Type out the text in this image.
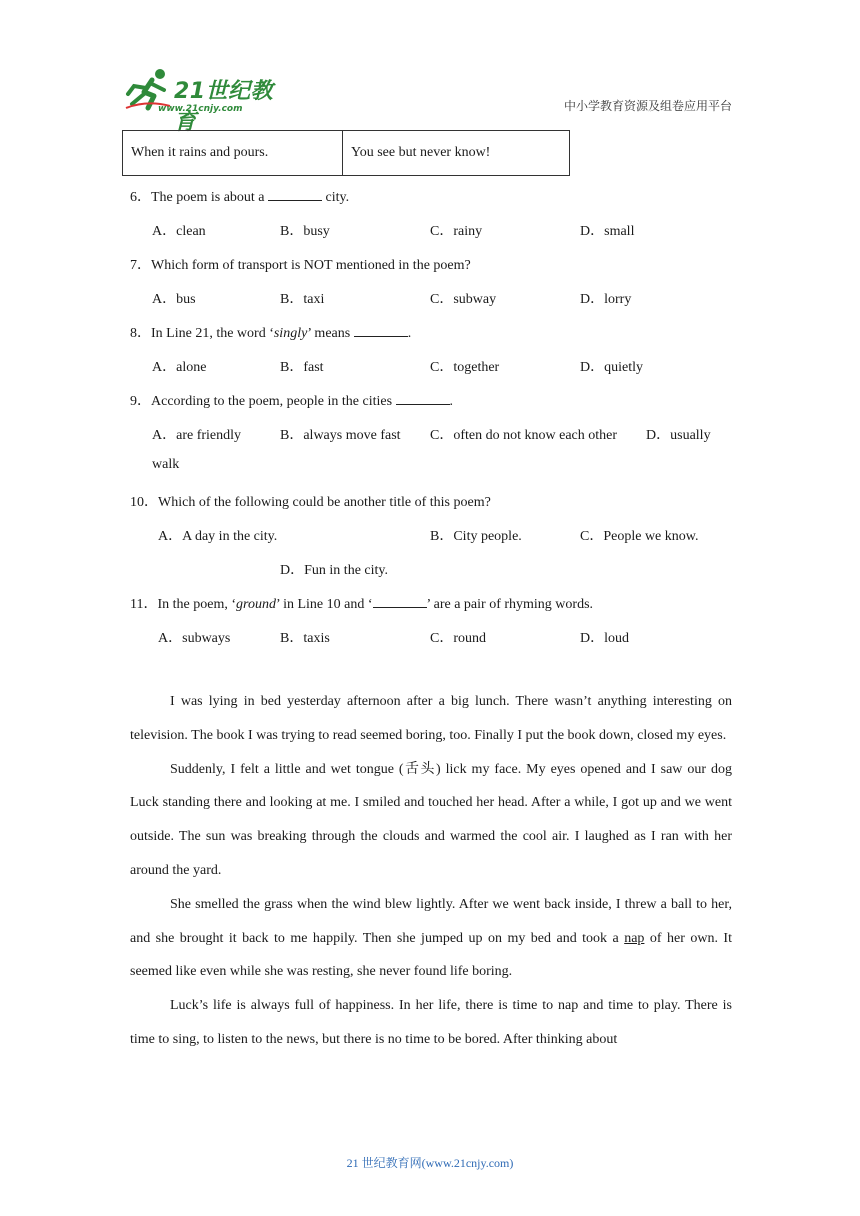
21世纪教育
www.21cnjy.com	中小学教育资源及组卷应用平台
When it rains and pours.	You see but never know!
6．The poem is about a	city.
A．clean	B．busy	C．rainy	D．small
7．Which form of transport is NOT mentioned in the poem?
A．bus	B．taxi	C．subway	D．lorry
8．In Line 21, the word ‘singly’ means	.
A．alone	B．fast	C．together	D．quietly
9．According to the poem, people in the cities	.
A．are friendly	B．always move fast C．often do not know each other D．usually
walk
10．Which of the following could be another title of this poem?
A．A day in the city.	B．City people.	C．People we know.
D．Fun in the city.
11．In the poem, ‘ground’ in Line 10 and ‘	’ are a pair of rhyming words.
A．subways	B．taxis	C．round	D．loud

I was lying in bed yesterday afternoon after a big lunch. There wasn’t anything interesting on television. The book I was trying to read seemed boring, too. Finally I put the book down, closed my eyes.

Suddenly, I felt a little and wet tongue (舌头) lick my face. My eyes opened and I saw our dog Luck standing there and looking at me. I smiled and touched her head. After a while, I got up and we went outside. The sun was breaking through the clouds and warmed the cool air. I laughed as I ran with her around the yard.

She smelled the grass when the wind blew lightly. After we went back inside, I threw a ball to her, and she brought it back to me happily. Then she jumped up on my bed and took a nap of her own. It seemed like even while she was resting, she never found life boring.

Luck’s life is always full of happiness. In her life, there is time to nap and time to play. There is time to sing, to listen to the news, but there is no time to be bored. After thinking about

21 世纪教育网(www.21cnjy.com)
